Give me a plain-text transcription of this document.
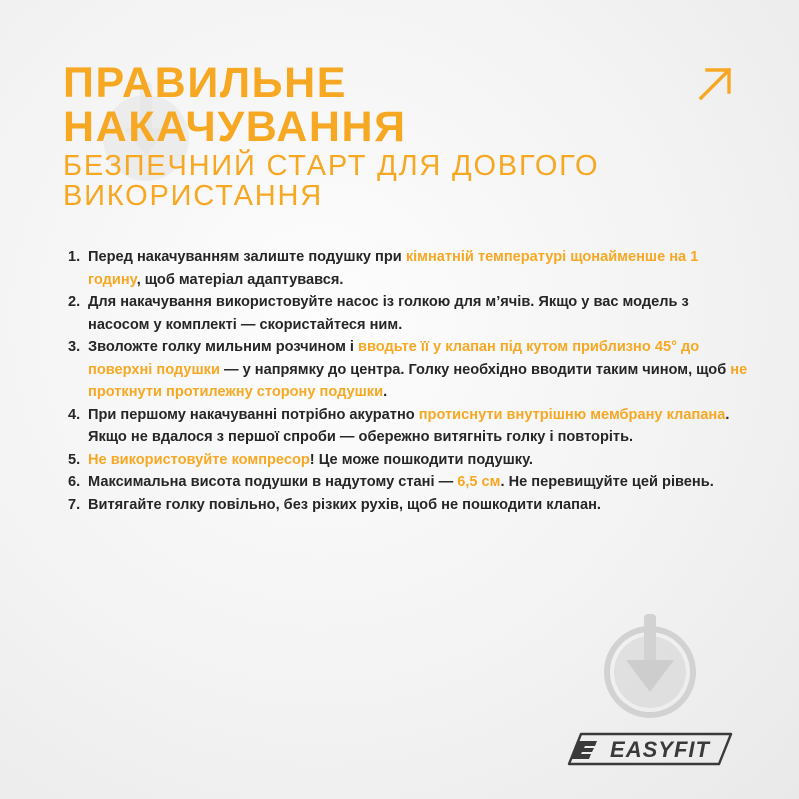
ПРАВИЛЬНЕ
НАКАЧУВАННЯ
БЕЗПЕЧНИЙ СТАРТ ДЛЯ ДОВГОГО
ВИКОРИСТАННЯ
1. Перед накачуванням залиште подушку при кімнатній температурі щонайменше на 1 годину, щоб матеріал адаптувався.
2. Для накачування використовуйте насос із голкою для м’ячів. Якщо у вас модель з насосом у комплекті — скористайтеся ним.
3. Зволожте голку мильним розчином і вводьте її у клапан під кутом приблизно 45° до поверхні подушки — у напрямку до центра. Голку необхідно вводити таким чином, щоб не проткнути протилежну сторону подушки.
4. При першому накачуванні потрібно акуратно протиснути внутрішню мембрану клапана. Якщо не вдалося з першої спроби — обережно витягніть голку і повторіть.
5. Не використовуйте компресор! Це може пошкодити подушку.
6. Максимальна висота подушки в надутому стані — 6,5 см. Не перевищуйте цей рівень.
7. Витягайте голку повільно, без різких рухів, щоб не пошкодити клапан.
EASYFIT
